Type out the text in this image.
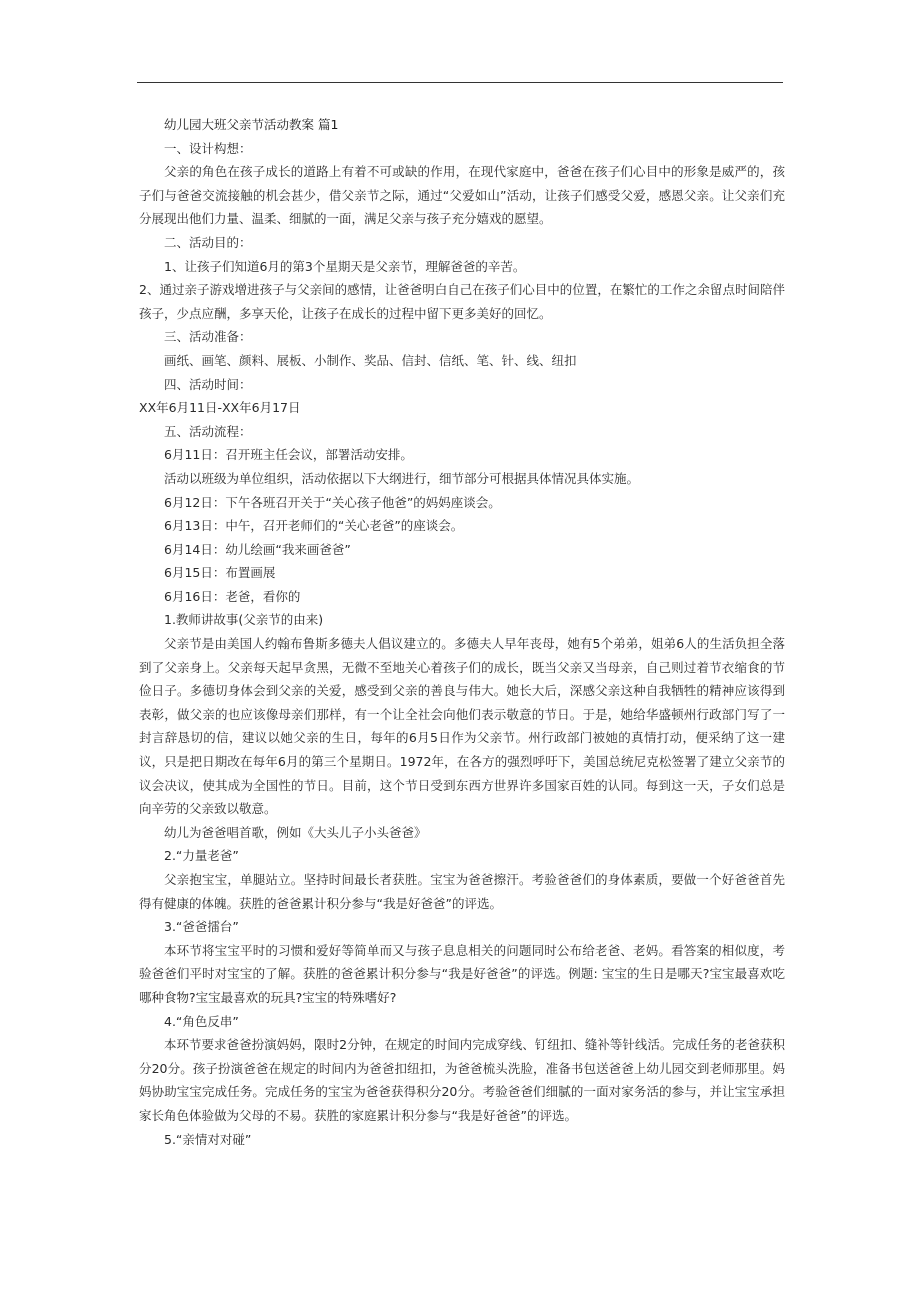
幼儿园大班父亲节活动教案 篇1

一、设计构想：

父亲的角色在孩子成长的道路上有着不可或缺的作用，在现代家庭中，爸爸在孩子们心目中的形象是威严的，孩子们与爸爸交流接触的机会甚少，借父亲节之际，通过“父爱如山”活动，让孩子们感受父爱，感恩父亲。让父亲们充分展现出他们力量、温柔、细腻的一面，满足父亲与孩子充分嬉戏的愿望。

二、活动目的：

1、让孩子们知道6月的第3个星期天是父亲节，理解爸爸的辛苦。

2、通过亲子游戏增进孩子与父亲间的感情，让爸爸明白自己在孩子们心目中的位置，在繁忙的工作之余留点时间陪伴孩子，少点应酬，多享天伦，让孩子在成长的过程中留下更多美好的回忆。

三、活动准备：

画纸、画笔、颜料、展板、小制作、奖品、信封、信纸、笔、针、线、纽扣

四、活动时间：

XX年6月11日-XX年6月17日

五、活动流程：

6月11日：召开班主任会议，部署活动安排。

活动以班级为单位组织，活动依据以下大纲进行，细节部分可根据具体情况具体实施。

6月12日：下午各班召开关于“关心孩子他爸”的妈妈座谈会。

6月13日：中午，召开老师们的“关心老爸”的座谈会。

6月14日：幼儿绘画“我来画爸爸”

6月15日：布置画展

6月16日：老爸，看你的

1.教师讲故事(父亲节的由来)

父亲节是由美国人约翰布鲁斯多德夫人倡议建立的。多德夫人早年丧母，她有5个弟弟，姐弟6人的生活负担全落到了父亲身上。父亲每天起早贪黑，无微不至地关心着孩子们的成长，既当父亲又当母亲，自己则过着节衣缩食的节俭日子。多德切身体会到父亲的关爱，感受到父亲的善良与伟大。她长大后，深感父亲这种自我牺牲的精神应该得到表彰，做父亲的也应该像母亲们那样，有一个让全社会向他们表示敬意的节日。于是，她给华盛顿州行政部门写了一封言辞恳切的信，建议以她父亲的生日，每年的6月5日作为父亲节。州行政部门被她的真情打动，便采纳了这一建议，只是把日期改在每年6月的第三个星期日。1972年，在各方的强烈呼吁下，美国总统尼克松签署了建立父亲节的议会决议，使其成为全国性的节日。目前，这个节日受到东西方世界许多国家百姓的认同。每到这一天，子女们总是向辛劳的父亲致以敬意。

幼儿为爸爸唱首歌，例如《大头儿子小头爸爸》

2.“力量老爸”

父亲抱宝宝，单腿站立。坚持时间最长者获胜。宝宝为爸爸擦汗。考验爸爸们的身体素质，要做一个好爸爸首先得有健康的体魄。获胜的爸爸累计积分参与“我是好爸爸”的评选。

3.“爸爸擂台”

本环节将宝宝平时的习惯和爱好等简单而又与孩子息息相关的问题同时公布给老爸、老妈。看答案的相似度，考验爸爸们平时对宝宝的了解。获胜的爸爸累计积分参与“我是好爸爸”的评选。例题: 宝宝的生日是哪天?宝宝最喜欢吃哪种食物?宝宝最喜欢的玩具?宝宝的特殊嗜好?

4.“角色反串”

本环节要求爸爸扮演妈妈，限时2分钟，在规定的时间内完成穿线、钉纽扣、缝补等针线活。完成任务的老爸获积分20分。孩子扮演爸爸在规定的时间内为爸爸扣纽扣，为爸爸梳头洗脸，准备书包送爸爸上幼儿园交到老师那里。妈妈协助宝宝完成任务。完成任务的宝宝为爸爸获得积分20分。考验爸爸们细腻的一面对家务活的参与，并让宝宝承担家长角色体验做为父母的不易。获胜的家庭累计积分参与“我是好爸爸”的评选。

5.“亲情对对碰”
